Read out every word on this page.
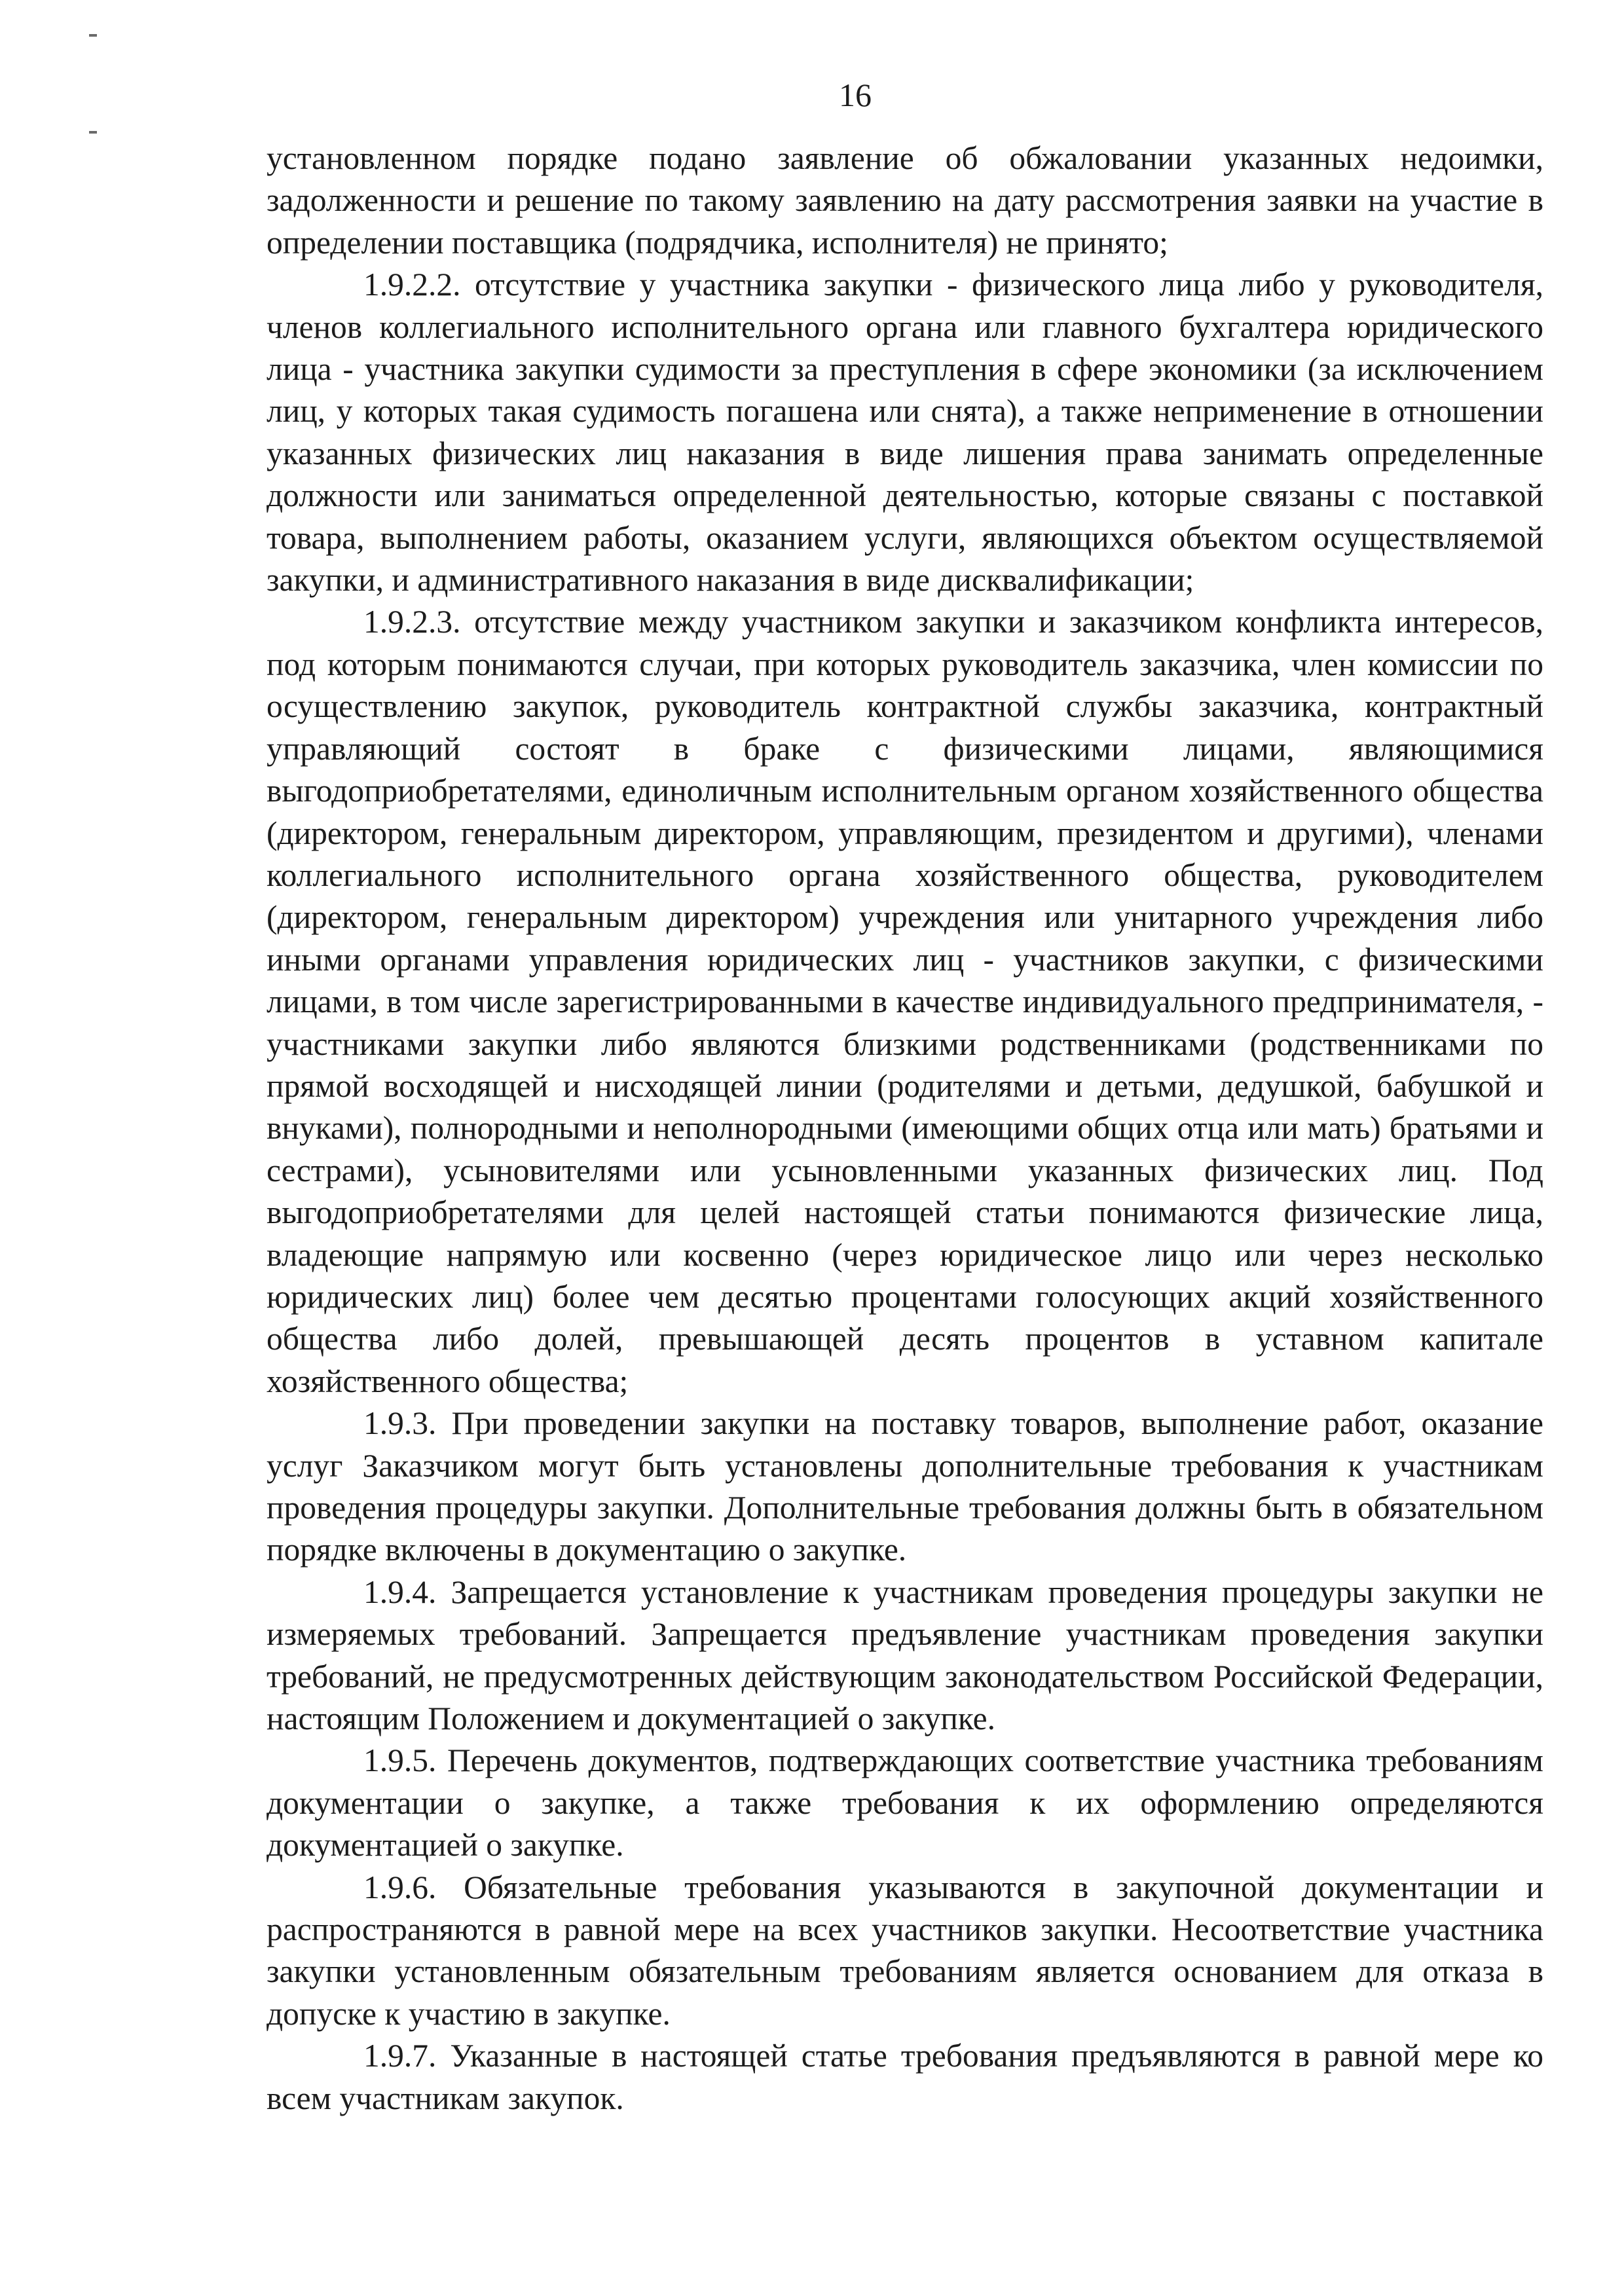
16

установленном порядке подано заявление об обжаловании указанных недоимки, задолженности и решение по такому заявлению на дату рассмотрения заявки на участие в определении поставщика (подрядчика, исполнителя) не принято;

1.9.2.2. отсутствие у участника закупки - физического лица либо у руководителя, членов коллегиального исполнительного органа или главного бухгалтера юридического лица - участника закупки судимости за преступления в сфере экономики (за исключением лиц, у которых такая судимость погашена или снята), а также неприменение в отношении указанных физических лиц наказания в виде лишения права занимать определенные должности или заниматься определенной деятельностью, которые связаны с поставкой товара, выполнением работы, оказанием услуги, являющихся объектом осуществляемой закупки, и административного наказания в виде дисквалификации;

1.9.2.3. отсутствие между участником закупки и заказчиком конфликта интересов, под которым понимаются случаи, при которых руководитель заказчика, член комиссии по осуществлению закупок, руководитель контрактной службы заказчика, контрактный управляющий состоят в браке с физическими лицами, являющимися выгодоприобретателями, единоличным исполнительным органом хозяйственного общества (директором, генеральным директором, управляющим, президентом и другими), членами коллегиального исполнительного органа хозяйственного общества, руководителем (директором, генеральным директором) учреждения или унитарного учреждения либо иными органами управления юридических лиц - участников закупки, с физическими лицами, в том числе зарегистрированными в качестве индивидуального предпринимателя, - участниками закупки либо являются близкими родственниками (родственниками по прямой восходящей и нисходящей линии (родителями и детьми, дедушкой, бабушкой и внуками), полнородными и неполнородными (имеющими общих отца или мать) братьями и сестрами), усыновителями или усыновленными указанных физических лиц. Под выгодоприобретателями для целей настоящей статьи понимаются физические лица, владеющие напрямую или косвенно (через юридическое лицо или через несколько юридических лиц) более чем десятью процентами голосующих акций хозяйственного общества либо долей, превышающей десять процентов в уставном капитале хозяйственного общества;

1.9.3. При проведении закупки на поставку товаров, выполнение работ, оказание услуг Заказчиком могут быть установлены дополнительные требования к участникам проведения процедуры закупки. Дополнительные требования должны быть в обязательном порядке включены в документацию о закупке.

1.9.4. Запрещается установление к участникам проведения процедуры закупки не измеряемых требований. Запрещается предъявление участникам проведения закупки требований, не предусмотренных действующим законодательством Российской Федерации, настоящим Положением и документацией о закупке.

1.9.5. Перечень документов, подтверждающих соответствие участника требованиям документации о закупке, а также требования к их оформлению определяются документацией о закупке.

1.9.6. Обязательные требования указываются в закупочной документации и распространяются в равной мере на всех участников закупки. Несоответствие участника закупки установленным обязательным требованиям является основанием для отказа в допуске к участию в закупке.

1.9.7. Указанные в настоящей статье требования предъявляются в равной мере ко всем участникам закупок.
